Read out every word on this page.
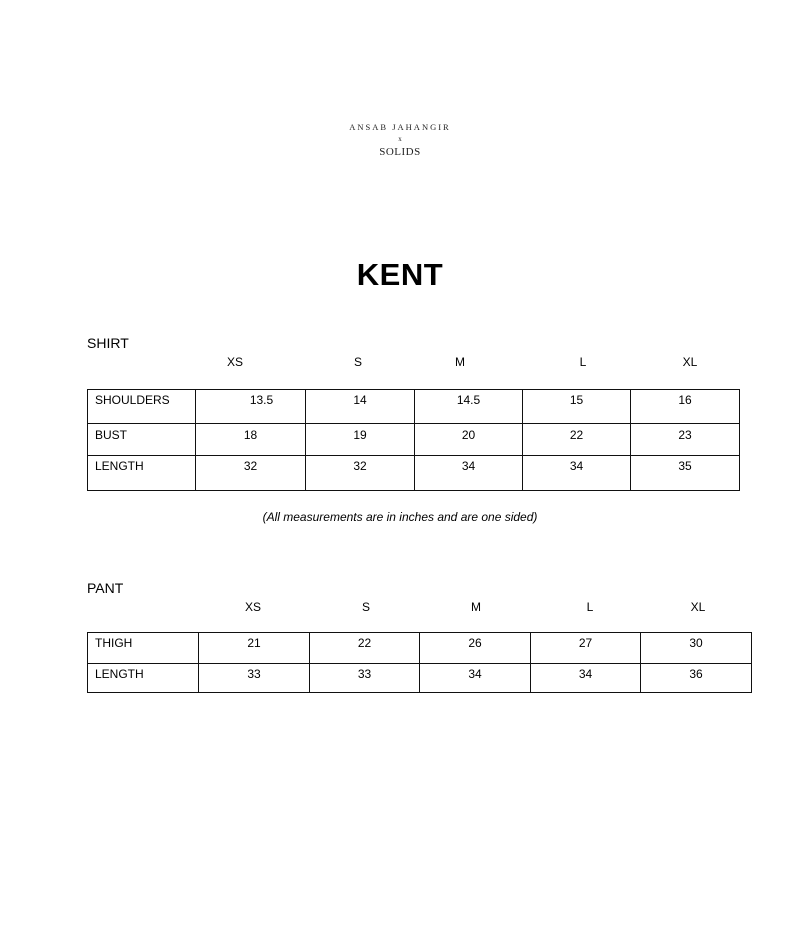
ANSAB JAHANGIR
x
SOLIDS
KENT
SHIRT
XS	S	M	L	XL
SHOULDERS	13.5	14	14.5	15	16
BUST	18	19	20	22	23
LENGTH	32	32	34	34	35
(All measurements are in inches and are one sided)
PANT
XS	S	M	L	XL
THIGH	21	22	26	27	30
LENGTH	33	33	34	34	36
